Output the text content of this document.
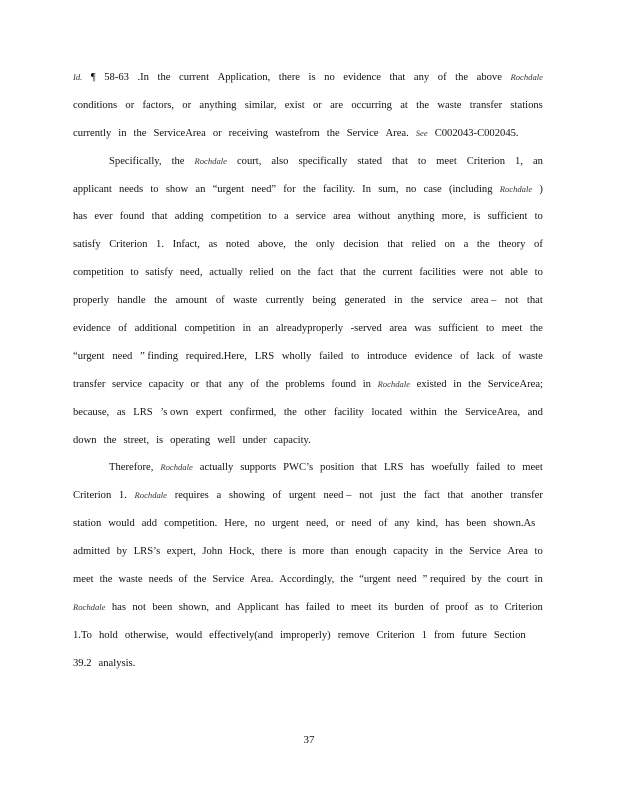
Id. ¶ 58-63 .In the current Application, there is no evidence that any of the above Rochdale
conditions or factors, or anything similar, exist or are occurring at the waste transfer stations
currently in the ServiceArea or receiving wastefrom the Service Area. See C002043-C002045.
Specifically, the Rochdale court, also specifically stated that to meet Criterion 1, an
applicant needs to show an “urgent need” for the facility. In sum, no case (including Rochdale )
has ever found that adding competition to a service area without anything more, is sufficient to
satisfy Criterion 1. Infact, as noted above, the only decision that relied on a the theory of
competition to satisfy need, actually relied on the fact that the current facilities were not able to
properly handle the amount of waste currently being generated in the service area – not that
evidence of additional competition in an alreadyproperly -served area was sufficient to meet the
“urgent need ” finding required.Here, LRS wholly failed to introduce evidence of lack of waste
transfer service capacity or that any of the problems found in Rochdale existed in the ServiceArea;
because, as LRS ’s own expert confirmed, the other facility located within the ServiceArea, and
down the street, is operating well under capacity.
Therefore, Rochdale actually supports PWC’s position that LRS has woefully failed to meet
Criterion 1. Rochdale requires a showing of urgent need – not just the fact that another transfer
station would add competition. Here, no urgent need, or need of any kind, has been shown.As
admitted by LRS’s expert, John Hock, there is more than enough capacity in the Service Area to
meet the waste needs of the Service Area. Accordingly, the “urgent need ” required by the court in
Rochdale has not been shown, and Applicant has failed to meet its burden of proof as to Criterion
1.To hold otherwise, would effectively(and improperly) remove Criterion 1 from future Section
39.2 analysis.
37
